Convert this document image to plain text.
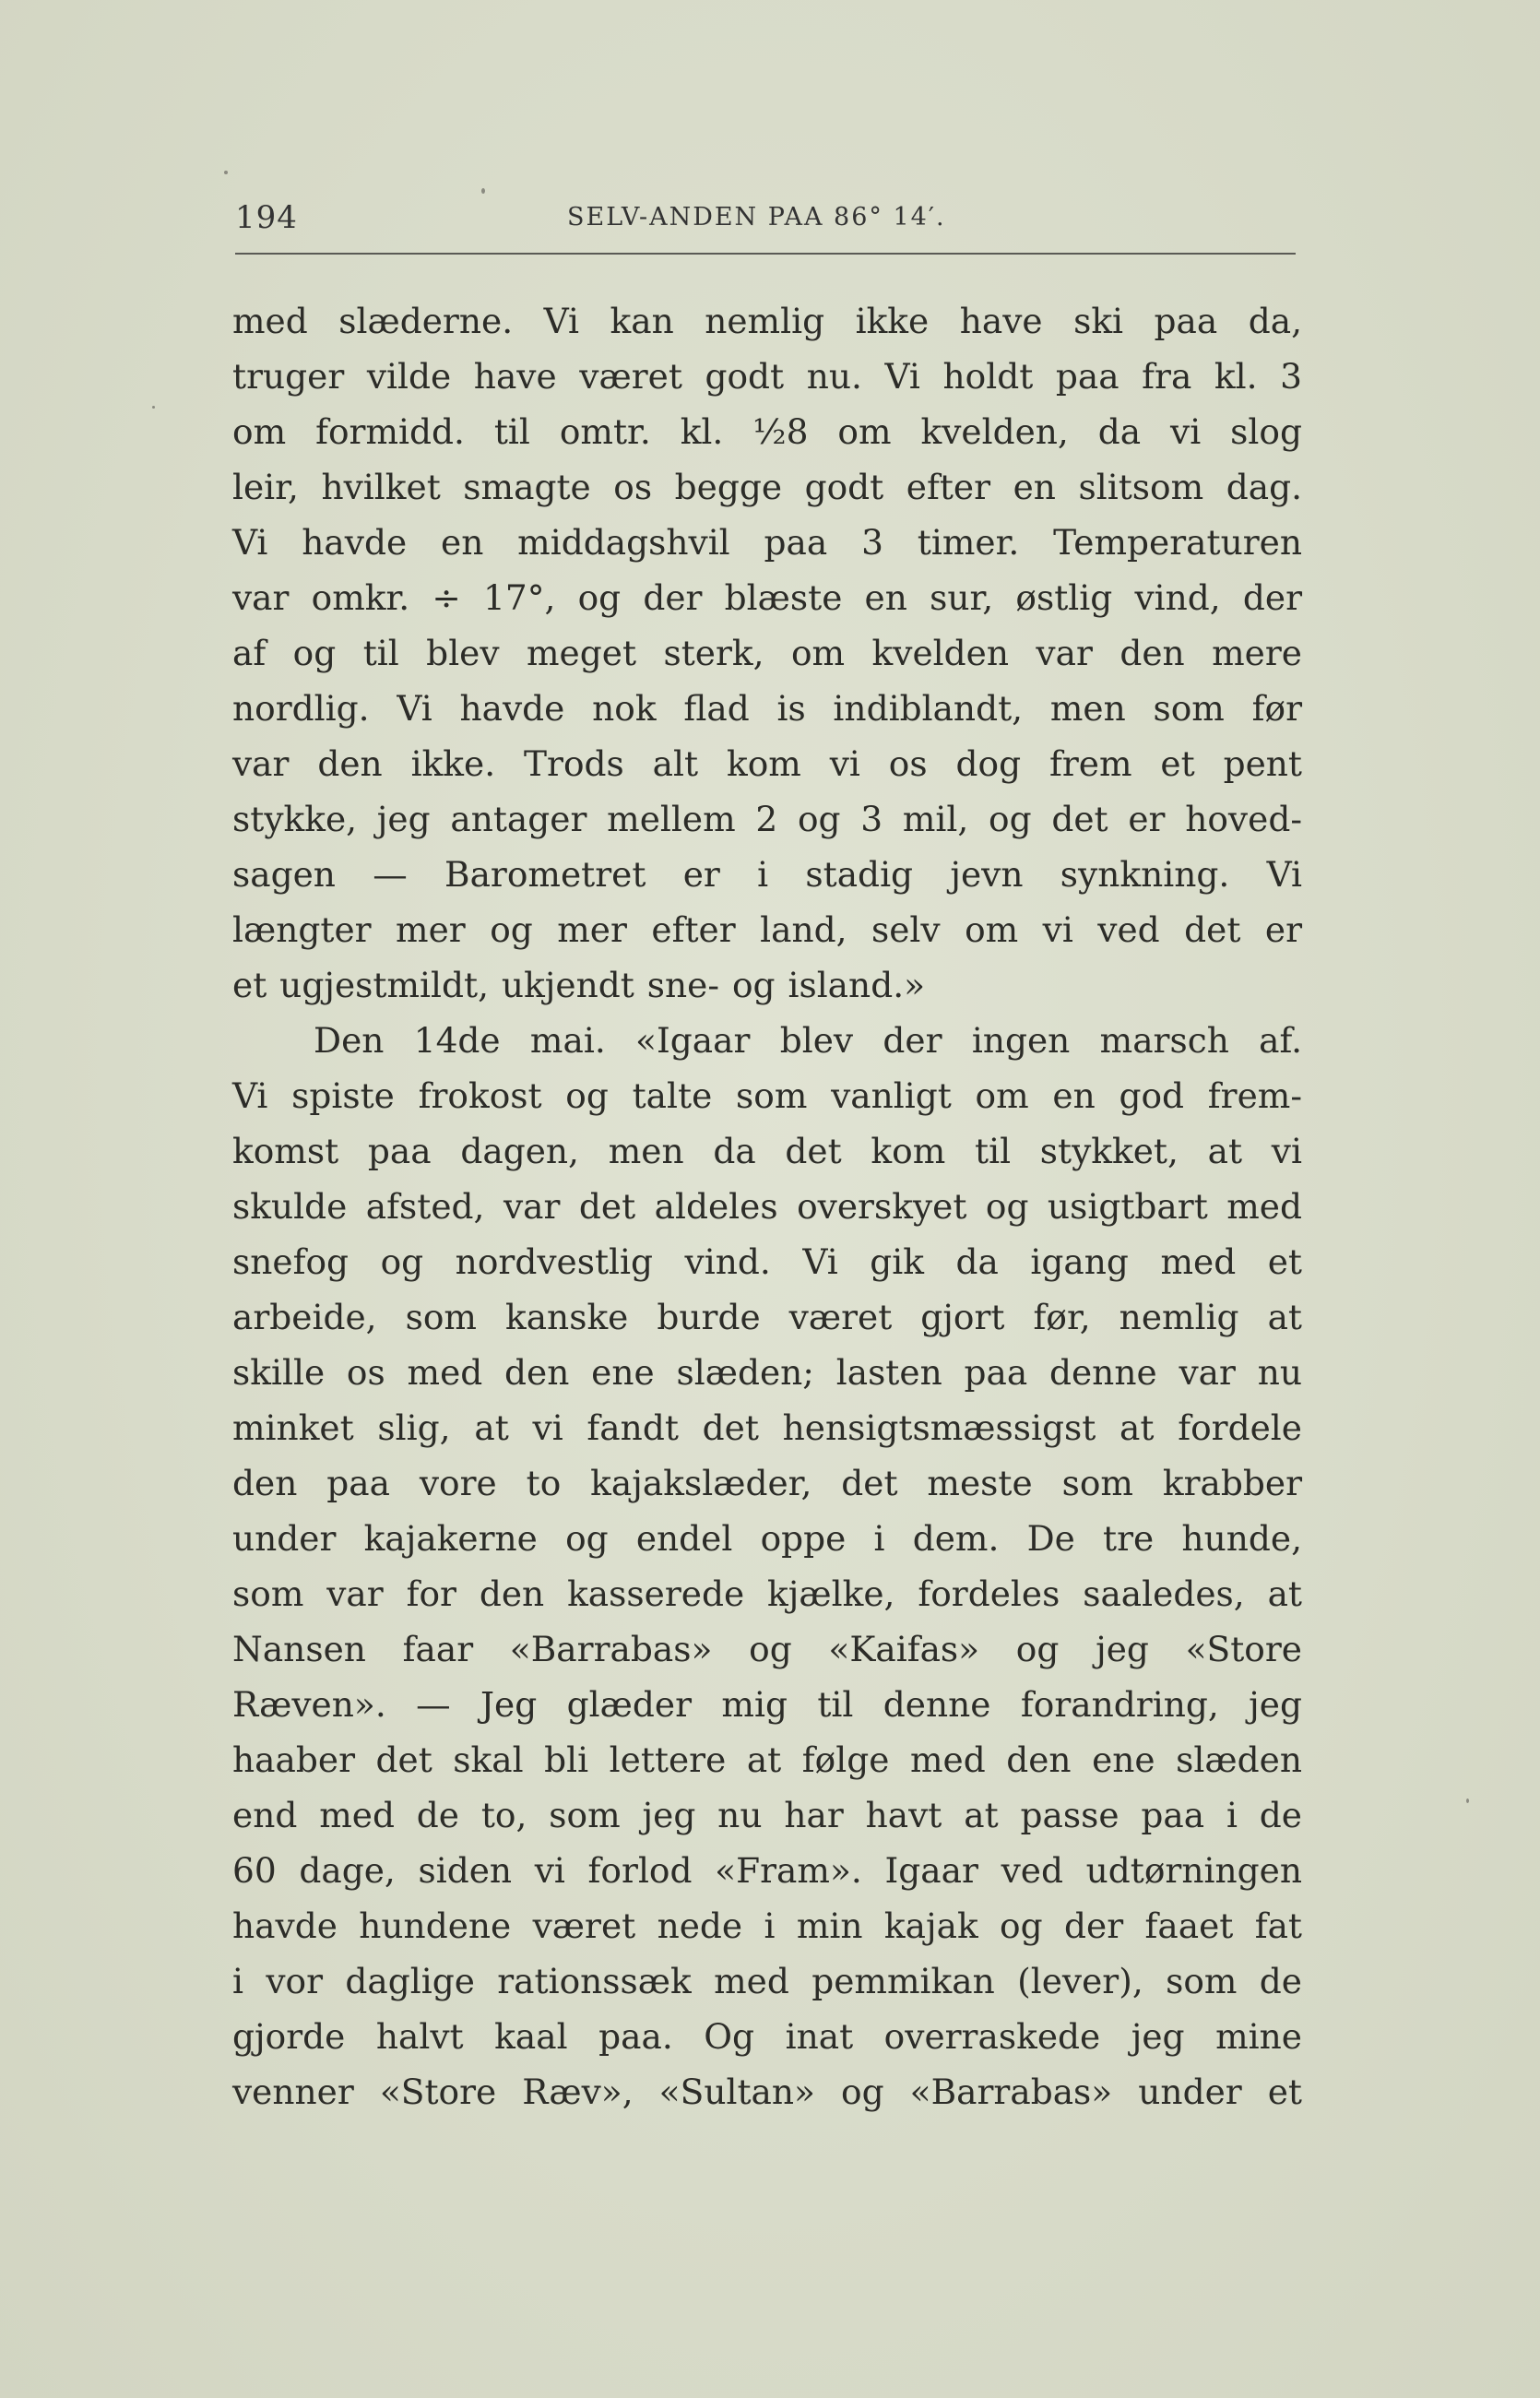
194	SELV-ANDEN PAA 86° 14′.
med slæderne. Vi kan nemlig ikke have ski paa da,
truger vilde have været godt nu. Vi holdt paa fra kl. 3
om formidd. til omtr. kl. ½8 om kvelden, da vi slog
leir, hvilket smagte os begge godt efter en slitsom dag.
Vi havde en middagshvil paa 3 timer. Temperaturen
var omkr. ÷ 17°, og der blæste en sur, østlig vind, der
af og til blev meget sterk, om kvelden var den mere
nordlig. Vi havde nok flad is indiblandt, men som før
var den ikke. Trods alt kom vi os dog frem et pent
stykke, jeg antager mellem 2 og 3 mil, og det er hoved-
sagen — Barometret er i stadig jevn synkning. Vi
længter mer og mer efter land, selv om vi ved det er
et ugjestmildt, ukjendt sne- og island.»
Den 14de mai. «Igaar blev der ingen marsch af.
Vi spiste frokost og talte som vanligt om en god frem-
komst paa dagen, men da det kom til stykket, at vi
skulde afsted, var det aldeles overskyet og usigtbart med
snefog og nordvestlig vind. Vi gik da igang med et
arbeide, som kanske burde været gjort før, nemlig at
skille os med den ene slæden; lasten paa denne var nu
minket slig, at vi fandt det hensigtsmæssigst at fordele
den paa vore to kajakslæder, det meste som krabber
under kajakerne og endel oppe i dem. De tre hunde,
som var for den kasserede kjælke, fordeles saaledes, at
Nansen faar «Barrabas» og «Kaifas» og jeg «Store
Ræven». — Jeg glæder mig til denne forandring, jeg
haaber det skal bli lettere at følge med den ene slæden
end med de to, som jeg nu har havt at passe paa i de
60 dage, siden vi forlod «Fram». Igaar ved udtørningen
havde hundene været nede i min kajak og der faaet fat
i vor daglige rationssæk med pemmikan (lever), som de
gjorde halvt kaal paa. Og inat overraskede jeg mine
venner «Store Ræv», «Sultan» og «Barrabas» under et
